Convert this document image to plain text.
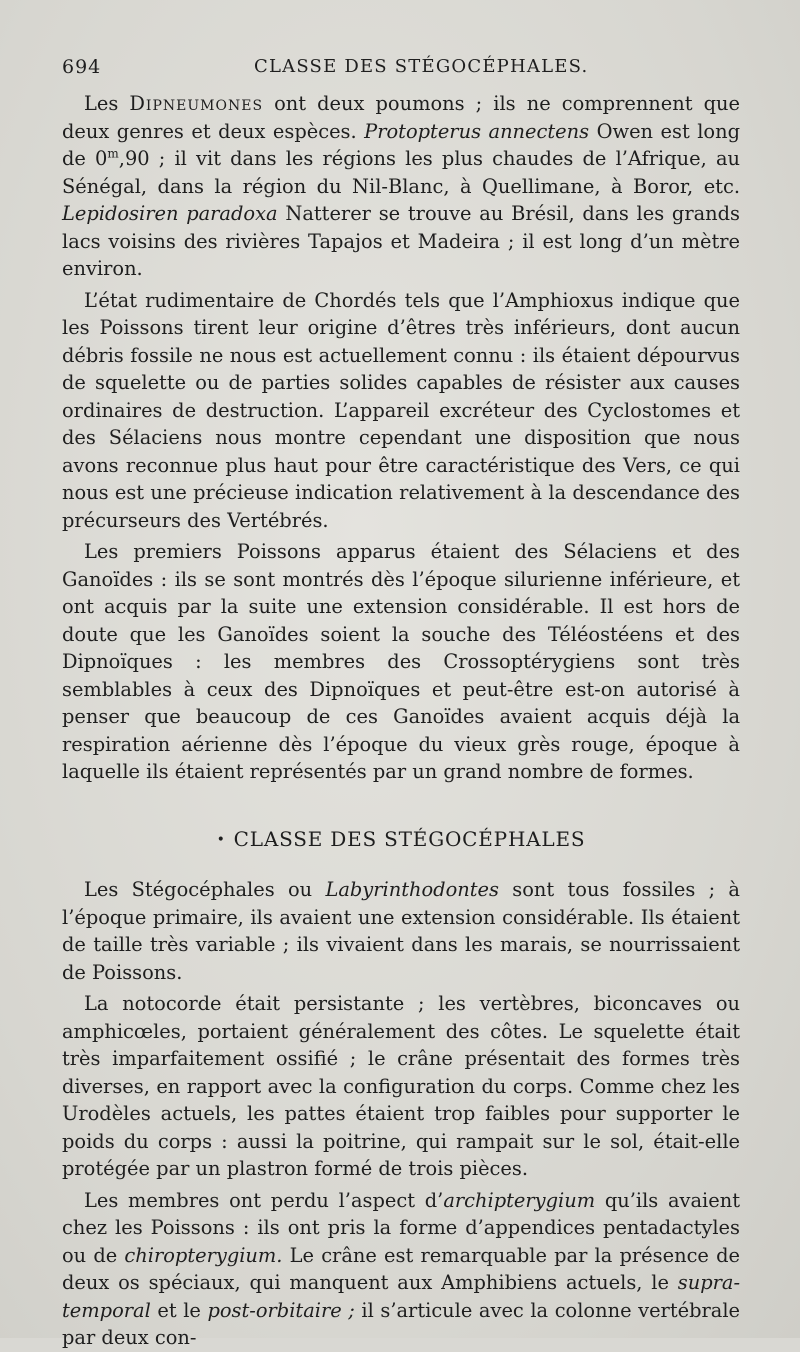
694	CLASSE DES STÉGOCÉPHALES.

Les Dipneumones ont deux poumons ; ils ne comprennent que deux genres et deux espèces. Protopterus annectens Owen est long de 0$^m$,90 ; il vit dans les régions les plus chaudes de l’Afrique, au Sénégal, dans la région du Nil-Blanc, à Quellimane, à Boror, etc. Lepidosiren paradoxa Natterer se trouve au Brésil, dans les grands lacs voisins des rivières Tapajos et Madeira ; il est long d’un mètre environ.

L’état rudimentaire de Chordés tels que l’Amphioxus indique que les Poissons tirent leur origine d’êtres très inférieurs, dont aucun débris fossile ne nous est actuellement connu : ils étaient dépourvus de squelette ou de parties solides capables de résister aux causes ordinaires de destruction. L’appareil excréteur des Cyclostomes et des Sélaciens nous montre cependant une disposition que nous avons reconnue plus haut pour être caractéristique des Vers, ce qui nous est une précieuse indication relativement à la descendance des précurseurs des Vertébrés.

Les premiers Poissons apparus étaient des Sélaciens et des Ganoïdes : ils se sont montrés dès l’époque silurienne inférieure, et ont acquis par la suite une extension considérable. Il est hors de doute que les Ganoïdes soient la souche des Téléostéens et des Dipnoïques : les membres des Crossoptérygiens sont très semblables à ceux des Dipnoïques et peut-être est-on autorisé à penser que beaucoup de ces Ganoïdes avaient acquis déjà la respiration aérienne dès l’époque du vieux grès rouge, époque à laquelle ils étaient représentés par un grand nombre de formes.

• CLASSE DES STÉGOCÉPHALES

Les Stégocéphales ou Labyrinthodontes sont tous fossiles ; à l’époque primaire, ils avaient une extension considérable. Ils étaient de taille très variable ; ils vivaient dans les marais, se nourrissaient de Poissons.

La notocorde était persistante ; les vertèbres, biconcaves ou amphicœles, portaient généralement des côtes. Le squelette était très imparfaitement ossifié ; le crâne présentait des formes très diverses, en rapport avec la configuration du corps. Comme chez les Urodèles actuels, les pattes étaient trop faibles pour supporter le poids du corps : aussi la poitrine, qui rampait sur le sol, était-elle protégée par un plastron formé de trois pièces.

Les membres ont perdu l’aspect d’archipterygium qu’ils avaient chez les Poissons : ils ont pris la forme d’appendices pentadactyles ou de chiropterygium. Le crâne est remarquable par la présence de deux os spéciaux, qui manquent aux Amphibiens actuels, le supra-temporal et le post-orbitaire ; il s’articule avec la colonne vertébrale par deux con-
